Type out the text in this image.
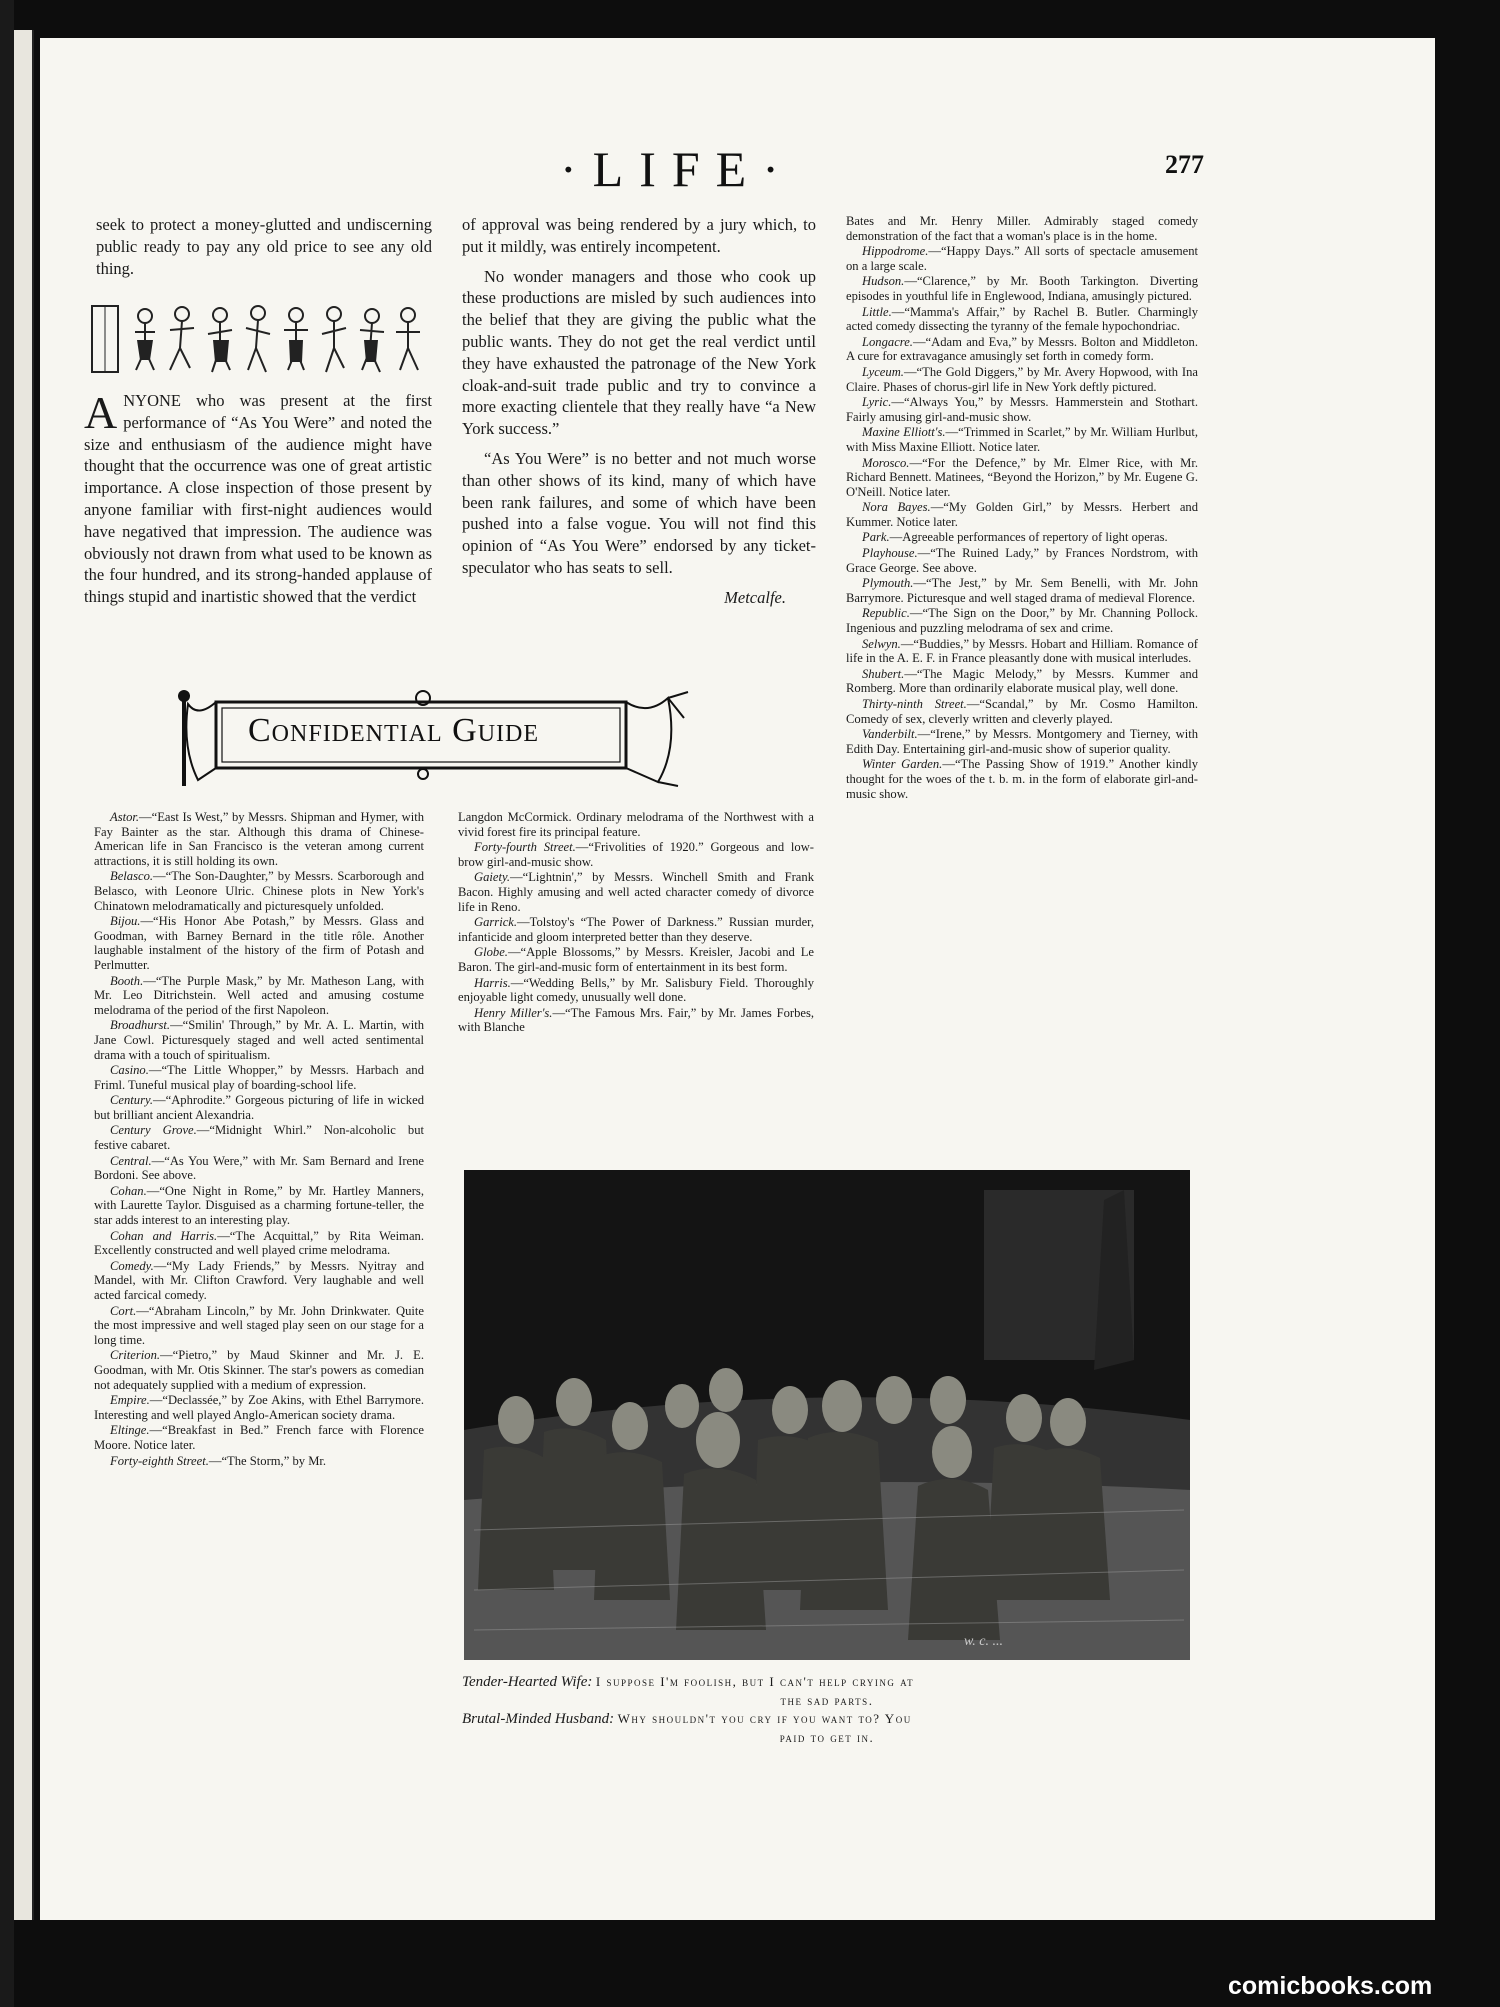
·LIFE·	277

seek to protect a money-glutted and undiscerning public ready to pay any old price to see any old thing.

ANYONE who was present at the first performance of “As You Were” and noted the size and enthusiasm of the audience might have thought that the occurrence was one of great artistic importance. A close inspection of those present by anyone familiar with first-night audiences would have negatived that impression. The audience was obviously not drawn from what used to be known as the four hundred, and its strong-handed applause of things stupid and inartistic showed that the verdict

of approval was being rendered by a jury which, to put it mildly, was entirely incompetent.

No wonder managers and those who cook up these productions are misled by such audiences into the belief that they are giving the public what the public wants. They do not get the real verdict until they have exhausted the patronage of the New York cloak-and-suit trade public and try to convince a more exacting clientele that they really have “a New York success.”

“As You Were” is no better and not much worse than other shows of its kind, many of which have been rank failures, and some of which have been pushed into a false vogue. You will not find this opinion of “As You Were” endorsed by any ticket-speculator who has seats to sell.

Metcalfe.
Confidential Guide

Astor.—“East Is West,” by Messrs. Shipman and Hymer, with Fay Bainter as the star. Although this drama of Chinese-American life in San Francisco is the veteran among current attractions, it is still holding its own.

Belasco.—“The Son-Daughter,” by Messrs. Scarborough and Belasco, with Leonore Ulric. Chinese plots in New York's Chinatown melodramatically and picturesquely unfolded.

Bijou.—“His Honor Abe Potash,” by Messrs. Glass and Goodman, with Barney Bernard in the title rôle. Another laughable instalment of the history of the firm of Potash and Perlmutter.

Booth.—“The Purple Mask,” by Mr. Matheson Lang, with Mr. Leo Ditrichstein. Well acted and amusing costume melodrama of the period of the first Napoleon.

Broadhurst.—“Smilin' Through,” by Mr. A. L. Martin, with Jane Cowl. Picturesquely staged and well acted sentimental drama with a touch of spiritualism.

Casino.—“The Little Whopper,” by Messrs. Harbach and Friml. Tuneful musical play of boarding-school life.

Century.—“Aphrodite.” Gorgeous picturing of life in wicked but brilliant ancient Alexandria.

Century Grove.—“Midnight Whirl.” Non-alcoholic but festive cabaret.

Central.—“As You Were,” with Mr. Sam Bernard and Irene Bordoni. See above.

Cohan.—“One Night in Rome,” by Mr. Hartley Manners, with Laurette Taylor. Disguised as a charming fortune-teller, the star adds interest to an interesting play.

Cohan and Harris.—“The Acquittal,” by Rita Weiman. Excellently constructed and well played crime melodrama.

Comedy.—“My Lady Friends,” by Messrs. Nyitray and Mandel, with Mr. Clifton Crawford. Very laughable and well acted farcical comedy.

Cort.—“Abraham Lincoln,” by Mr. John Drinkwater. Quite the most impressive and well staged play seen on our stage for a long time.

Criterion.—“Pietro,” by Maud Skinner and Mr. J. E. Goodman, with Mr. Otis Skinner. The star's powers as comedian not adequately supplied with a medium of expression.

Empire.—“Declassée,” by Zoe Akins, with Ethel Barrymore. Interesting and well played Anglo-American society drama.

Eltinge.—“Breakfast in Bed.” French farce with Florence Moore. Notice later.

Forty-eighth Street.—“The Storm,” by Mr.

Langdon McCormick. Ordinary melodrama of the Northwest with a vivid forest fire its principal feature.

Forty-fourth Street.—“Frivolities of 1920.” Gorgeous and low-brow girl-and-music show.

Gaiety.—“Lightnin',” by Messrs. Winchell Smith and Frank Bacon. Highly amusing and well acted character comedy of divorce life in Reno.

Garrick.—Tolstoy's “The Power of Darkness.” Russian murder, infanticide and gloom interpreted better than they deserve.

Globe.—“Apple Blossoms,” by Messrs. Kreisler, Jacobi and Le Baron. The girl-and-music form of entertainment in its best form.

Harris.—“Wedding Bells,” by Mr. Salisbury Field. Thoroughly enjoyable light comedy, unusually well done.

Henry Miller's.—“The Famous Mrs. Fair,” by Mr. James Forbes, with Blanche

Bates and Mr. Henry Miller. Admirably staged comedy demonstration of the fact that a woman's place is in the home.

Hippodrome.—“Happy Days.” All sorts of spectacle amusement on a large scale.

Hudson.—“Clarence,” by Mr. Booth Tarkington. Diverting episodes in youthful life in Englewood, Indiana, amusingly pictured.

Little.—“Mamma's Affair,” by Rachel B. Butler. Charmingly acted comedy dissecting the tyranny of the female hypochondriac.

Longacre.—“Adam and Eva,” by Messrs. Bolton and Middleton. A cure for extravagance amusingly set forth in comedy form.

Lyceum.—“The Gold Diggers,” by Mr. Avery Hopwood, with Ina Claire. Phases of chorus-girl life in New York deftly pictured.

Lyric.—“Always You,” by Messrs. Hammerstein and Stothart. Fairly amusing girl-and-music show.

Maxine Elliott's.—“Trimmed in Scarlet,” by Mr. William Hurlbut, with Miss Maxine Elliott. Notice later.

Morosco.—“For the Defence,” by Mr. Elmer Rice, with Mr. Richard Bennett. Matinees, “Beyond the Horizon,” by Mr. Eugene G. O'Neill. Notice later.

Nora Bayes.—“My Golden Girl,” by Messrs. Herbert and Kummer. Notice later.

Park.—Agreeable performances of repertory of light operas.

Playhouse.—“The Ruined Lady,” by Frances Nordstrom, with Grace George. See above.

Plymouth.—“The Jest,” by Mr. Sem Benelli, with Mr. John Barrymore. Picturesque and well staged drama of medieval Florence.

Republic.—“The Sign on the Door,” by Mr. Channing Pollock. Ingenious and puzzling melodrama of sex and crime.

Selwyn.—“Buddies,” by Messrs. Hobart and Hilliam. Romance of life in the A. E. F. in France pleasantly done with musical interludes.

Shubert.—“The Magic Melody,” by Messrs. Kummer and Romberg. More than ordinarily elaborate musical play, well done.

Thirty-ninth Street.—“Scandal,” by Mr. Cosmo Hamilton. Comedy of sex, cleverly written and cleverly played.

Vanderbilt.—“Irene,” by Messrs. Montgomery and Tierney, with Edith Day. Entertaining girl-and-music show of superior quality.

Winter Garden.—“The Passing Show of 1919.” Another kindly thought for the woes of the t. b. m. in the form of elaborate girl-and-music show.

w. c. ...
Tender-Hearted Wife: I suppose I'm foolish, but I can't help crying at
the sad parts.
Brutal-Minded Husband: Why shouldn't you cry if you want to? You
paid to get in.
comicbooks.com
